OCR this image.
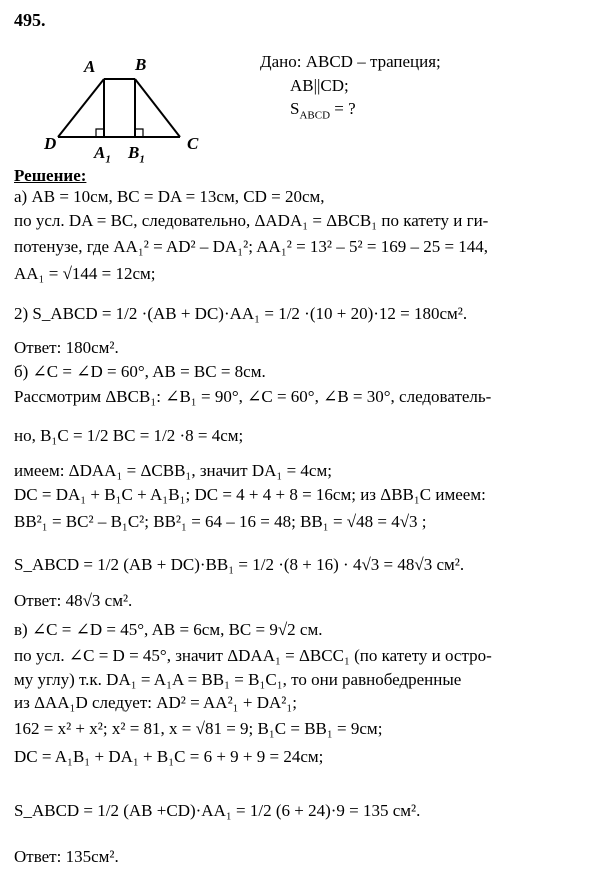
495.
A B
C
D $A_1$ $B_1$
Дано: ABCD – трапеция;
AB||CD;
$S_{ABCD}$ = ?
Решение:
а) AB = 10см, BC = DA = 13см, CD = 20см,
по усл. DA = BC, следовательно, ΔADA₁ = ΔBCB₁ по катету и ги-
потенузе, где AA₁² = AD² – DA₁²; AA₁² = 13² – 5² = 169 – 25 = 144,
AA₁ = √144 = 12см;
2) S_ABCD = 1/2 ·(AB + DC)·AA₁ = 1/2 ·(10 + 20)·12 = 180см².
Ответ: 180см².
б) ∠C = ∠D = 60°, AB = BC = 8см.
Рассмотрим ΔBCB₁: ∠B₁ = 90°, ∠C = 60°, ∠B = 30°, следователь-
но, B₁C = 1/2 BC = 1/2 ·8 = 4см;
имеем: ΔDAA₁ = ΔCBB₁, значит DA₁ = 4см;
DC = DA₁ + B₁C + A₁B₁; DC = 4 + 4 + 8 = 16см; из ΔBB₁C имеем:
BB²₁ = BC² – B₁C²; BB²₁ = 64 – 16 = 48; BB₁ = √48 = 4√3 ;
S_ABCD = 1/2 (AB + DC)·BB₁ = 1/2 ·(8 + 16) · 4√3 = 48√3 см².
Ответ: 48√3 см².
в) ∠C = ∠D = 45°, AB = 6см, BC = 9√2 см.
по усл. ∠C = D = 45°, значит ΔDAA₁ = ΔBCC₁ (по катету и остро-
му углу) т.к. DA₁ = A₁A = BB₁ = B₁C₁, то они равнобедренные
из ΔAA₁D следует: AD² = AA²₁ + DA²₁;
162 = x² + x²; x² = 81, x = √81 = 9; B₁C = BB₁ = 9см;
DC = A₁B₁ + DA₁ + B₁C = 6 + 9 + 9 = 24см;
S_ABCD = 1/2 (AB +CD)·AA₁ = 1/2 (6 + 24)·9 = 135 см².
Ответ: 135см².
